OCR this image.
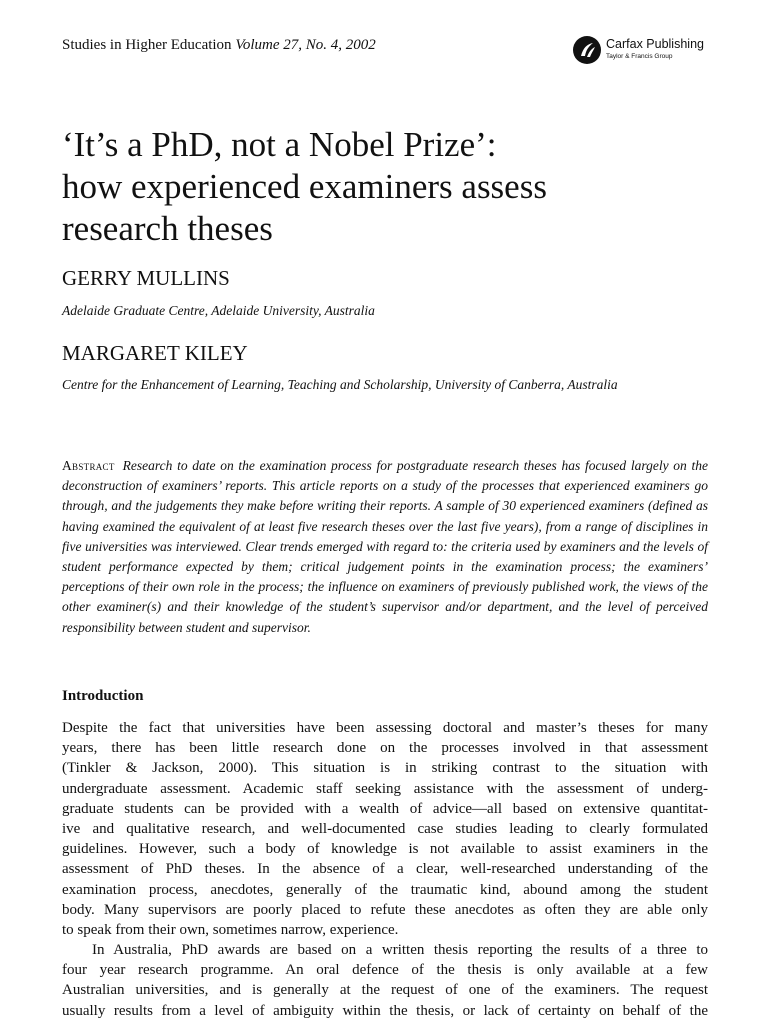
Studies in Higher Education Volume 27, No. 4, 2002	Carfax Publishing
Taylor & Francis Group
‘It’s a PhD, not a Nobel Prize’:
how experienced examiners assess
research theses
GERRY MULLINS
Adelaide Graduate Centre, Adelaide University, Australia
MARGARET KILEY
Centre for the Enhancement of Learning, Teaching and Scholarship, University of Canberra, Australia
Abstract Research to date on the examination process for postgraduate research theses has focused largely on the deconstruction of examiners’ reports. This article reports on a study of the processes that experienced examiners go through, and the judgements they make before writing their reports. A sample of 30 experienced examiners (defined as having examined the equivalent of at least five research theses over the last five years), from a range of disciplines in five universities was interviewed. Clear trends emerged with regard to: the criteria used by examiners and the levels of student performance expected by them; critical judgement points in the examination process; the examiners’ perceptions of their own role in the process; the influence on examiners of previously published work, the views of the other examiner(s) and their knowledge of the student’s supervisor and/or department, and the level of perceived responsibility between student and supervisor.
Introduction
Despite the fact that universities have been assessing doctoral and master’s theses for many
years, there has been little research done on the processes involved in that assessment
(Tinkler & Jackson, 2000). This situation is in striking contrast to the situation with
undergraduate assessment. Academic staff seeking assistance with the assessment of underg-
graduate students can be provided with a wealth of advice—all based on extensive quantitat-
ive and qualitative research, and well-documented case studies leading to clearly formulated
guidelines. However, such a body of knowledge is not available to assist examiners in the
assessment of PhD theses. In the absence of a clear, well-researched understanding of the
examination process, anecdotes, generally of the traumatic kind, abound among the student
body. Many supervisors are poorly placed to refute these anecdotes as often they are able only
to speak from their own, sometimes narrow, experience.
In Australia, PhD awards are based on a written thesis reporting the results of a three to
four year research programme. An oral defence of the thesis is only available at a few
Australian universities, and is generally at the request of one of the examiners. The request
usually results from a level of ambiguity within the thesis, or lack of certainty on behalf of the
